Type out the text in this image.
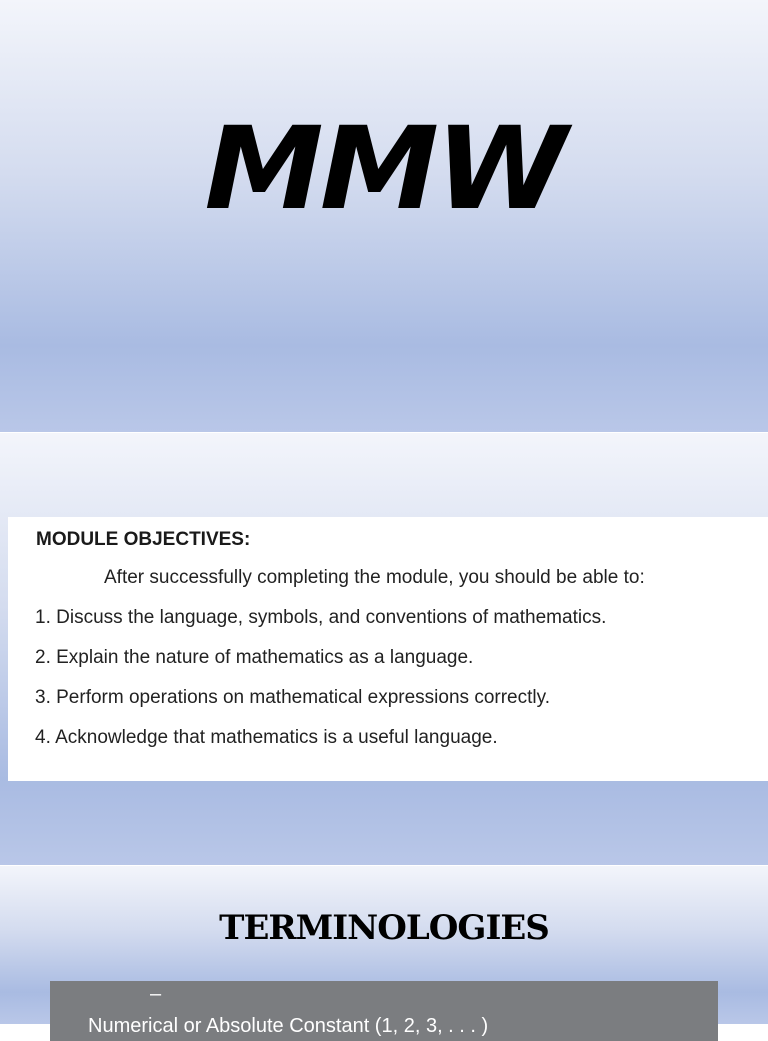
MMW
MODULE OBJECTIVES:
After successfully completing the module, you should be able to:
1. Discuss the language, symbols, and conventions of mathematics.
2. Explain the nature of mathematics as a language.
3. Perform operations on mathematical expressions correctly.
4. Acknowledge that mathematics is a useful language.
TERMINOLOGIES
–
Numerical or Absolute Constant (1, 2, 3, . . . )
